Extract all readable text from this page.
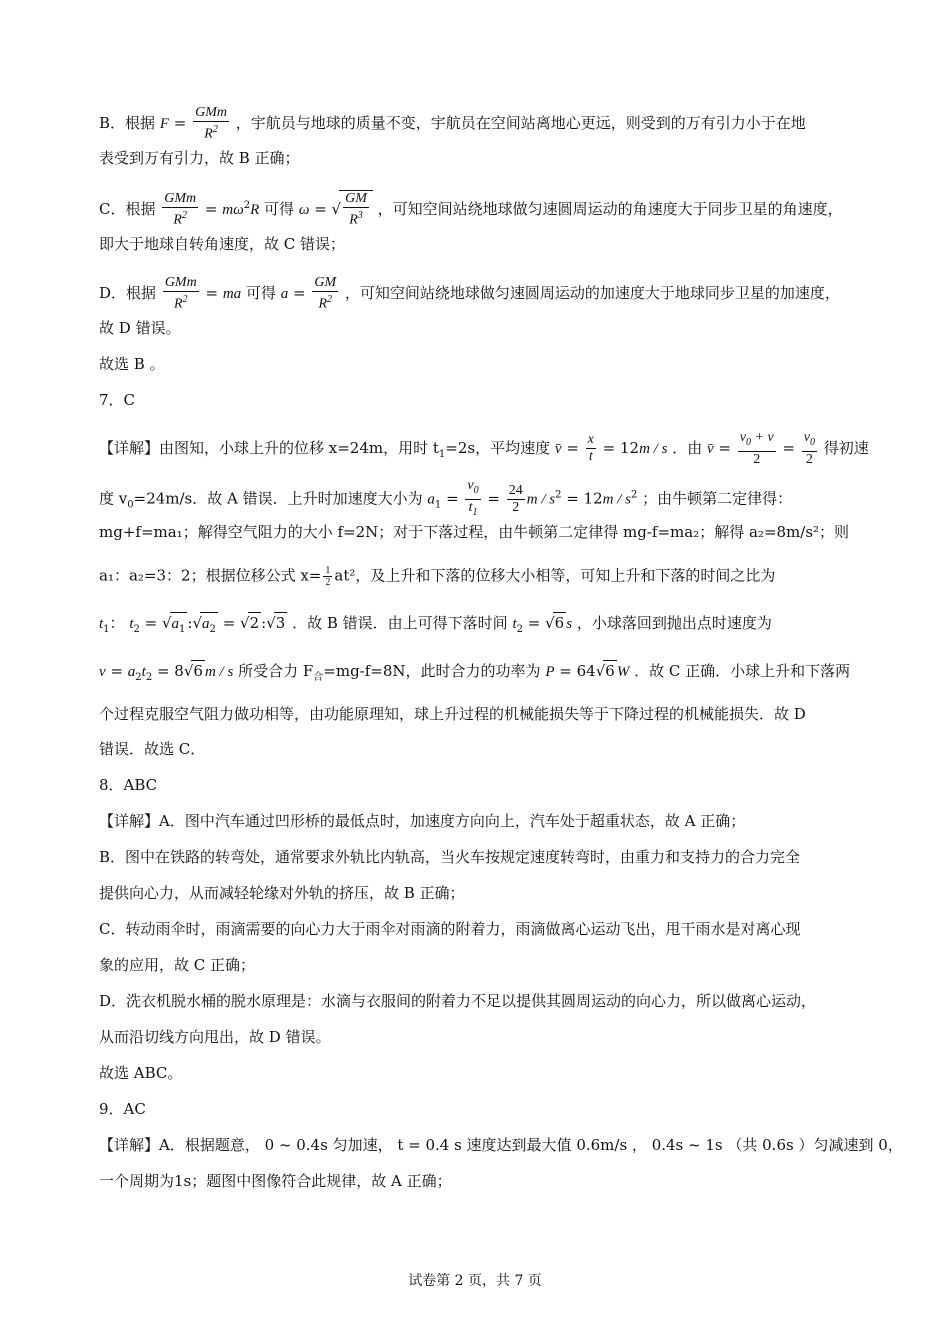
B．根据 $F = \frac{\text{GMm}}{R^2}$ ，宇航员与地球的质量不变，宇航员在空间站离地心更远，则受到的万有引力小于在地
表受到万有引力，故 B 正确；
C．根据 $\frac{\text{GMm}}{R^2} = m\omega^2R$ 可得 ω = √ $\frac{GM}{R^3}$ ，可知空间站绕地球做匀速圆周运动的角速度大于同步卫星的角速度，
即大于地球自转角速度，故 C 错误；
D．根据 $\frac{\text{GMm}}{R^2}$ = ma 可得 $a = \frac{GM}{R^2}$ ，可知空间站绕地球做匀速圆周运动的加速度大于地球同步卫星的加速度，
故 D 错误。
故选 B 。
7．C
【详解】由图知，小球上升的位移 x=24m，用时 $t_1=2s$，平均速度 v̄ = $\frac{x}{t} = 12m / s$ ．由 v̄ = $\frac{v_0 + v}{2} = \frac{v_0}{2}$ 得初速
度 $v_0=24m/s$．故 A 错误．上升时加速度大小为 $a_1 = \frac{v_0}{t_1} = \frac{24}{2}$ $m / s^2 = 12m / s^2$ ；由牛顿第二定律得：
mg+f=ma₁；解得空气阻力的大小 f=2N；对于下落过程，由牛顿第二定律得 mg-f=ma₂；解得 a₂=8m/s²；则
a₁：a₂=3：2；根据位移公式 $x= \frac{1}{2} at^2$，及上升和下落的位移大小相等，可知上升和下落的时间之比为
$t_1$： $t_2 = √a_1$ $:√a_2 = √2$ :√3 ．故 B 错误．由上可得下落时间 $t_2 = √6$ s ，小球落回到抛出点时速度为
$v = a_2t_2 = 8√6$ m / s 所受合力 $F_合=mg-f=8N$，此时合力的功率为 P = 64√6 W ．故 C 正确．小球上升和下落两
个过程克服空气阻力做功相等，由功能原理知，球上升过程的机械能损失等于下降过程的机械能损失．故 D
错误．故选 C．
8．ABC
【详解】A．图中汽车通过凹形桥的最低点时，加速度方向向上，汽车处于超重状态，故 A 正确；
B．图中在铁路的转弯处，通常要求外轨比内轨高，当火车按规定速度转弯时，由重力和支持力的合力完全
提供向心力，从而减轻轮缘对外轨的挤压，故 B 正确；
C．转动雨伞时，雨滴需要的向心力大于雨伞对雨滴的附着力，雨滴做离心运动飞出，甩干雨水是对离心现
象的应用，故 C 正确；
D．洗衣机脱水桶的脱水原理是：水滴与衣服间的附着力不足以提供其圆周运动的向心力，所以做离心运动，
从而沿切线方向甩出，故 D 错误。
故选 ABC。
9．AC
【详解】A．根据题意， 0 ~ 0.4s 匀加速， t = 0.4 s 速度达到最大值 0.6m/s ， 0.4s ~ 1s （共 0.6s ）匀减速到 0，
一个周期为1s；题图中图像符合此规律，故 A 正确；
试卷第 2 页，共 7 页
